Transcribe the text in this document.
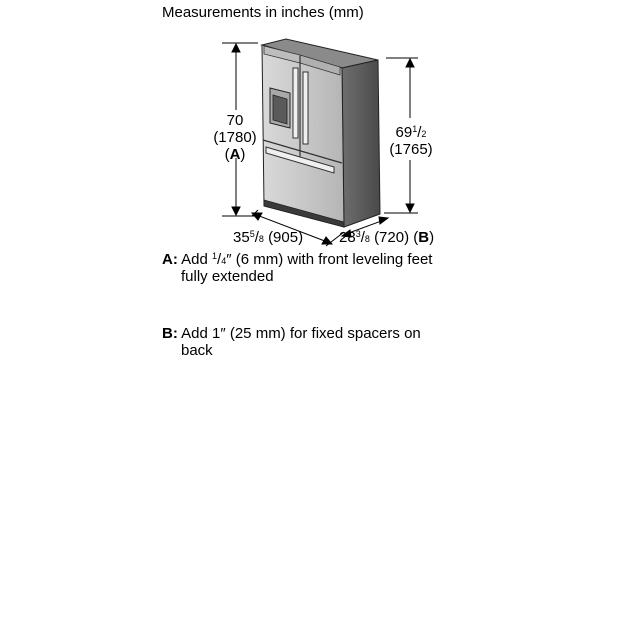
Measurements in inches (mm)
70
(1780)
(A)
$69^1/2$
(1765)
$35^5/8$ (905) $28^3/8$ (720) (B)
A: Add $^1$/4″ (6 mm) with front leveling feet
fully extended
B: Add 1″ (25 mm) for fixed spacers on
back
